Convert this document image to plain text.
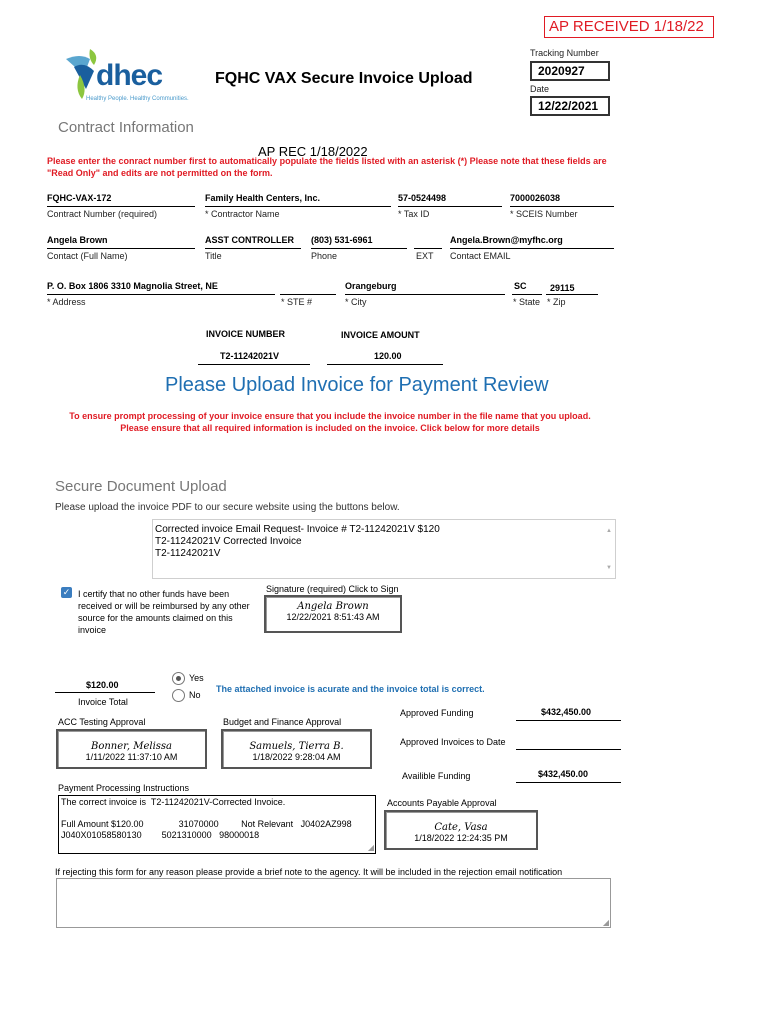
AP RECEIVED 1/18/22
Tracking Number
2020927
Date
12/22/2021
dhec
Healthy People. Healthy Communities.
FQHC VAX Secure Invoice Upload
Contract Information
AP REC 1/18/2022
Please enter the conract number first to automatically populate the fields listed with an asterisk (*) Please note that these fields are "Read Only" and edits are not permitted on the form.
FQHC-VAX-172
Contract Number (required)
Family Health Centers, Inc.
* Contractor Name
57-0524498
* Tax ID
7000026038
* SCEIS Number
Angela Brown
Contact (Full Name)
ASST CONTROLLER
Title
(803) 531-6961
Phone	EXT
Angela.Brown@myfhc.org
Contact EMAIL
P. O. Box 1806 3310 Magnolia Street, NE
* Address	* STE #
Orangeburg
* City
SC
* State
29115
* Zip
INVOICE NUMBER
T2-11242021V
INVOICE AMOUNT
120.00
Please Upload Invoice for Payment Review
To ensure prompt processing of your invoice ensure that you include the invoice number in the file name that you upload.
Please ensure that all required information is included on the invoice. Click below for more details
Secure Document Upload
Please upload the invoice PDF to our secure website using the buttons below.
Corrected invoice Email Request- Invoice # T2-11242021V $120
T2-11242021V Corrected Invoice
T2-11242021V
▲
▼
✓ I certify that no other funds have been received or will be reimbursed by any other source for the amounts claimed on this invoice
Signature (required) Click to Sign
Angela Brown
12/22/2021 8:51:43 AM
$120.00
Invoice Total
Yes
No
The attached invoice is acurate and the invoice total is correct.
ACC Testing Approval
Bonner, Melissa
1/11/2022 11:37:10 AM
Budget and Finance Approval
Samuels, Tierra B.
1/18/2022 9:28:04 AM
Approved Funding	$432,450.00
Approved Invoices to Date
Availible Funding	$432,450.00
Payment Processing Instructions
The correct invoice is  T2-11242021V-Corrected Invoice.
Full Amount $120.00              31070000         Not Relevant   J0402AZ998
J040X01058580130        5021310000   98000018
◢
Accounts Payable Approval
Cate, Vasa
1/18/2022 12:24:35 PM
If rejecting this form for any reason please provide a brief note to the agency. It will be included in the rejection email notification
◢
